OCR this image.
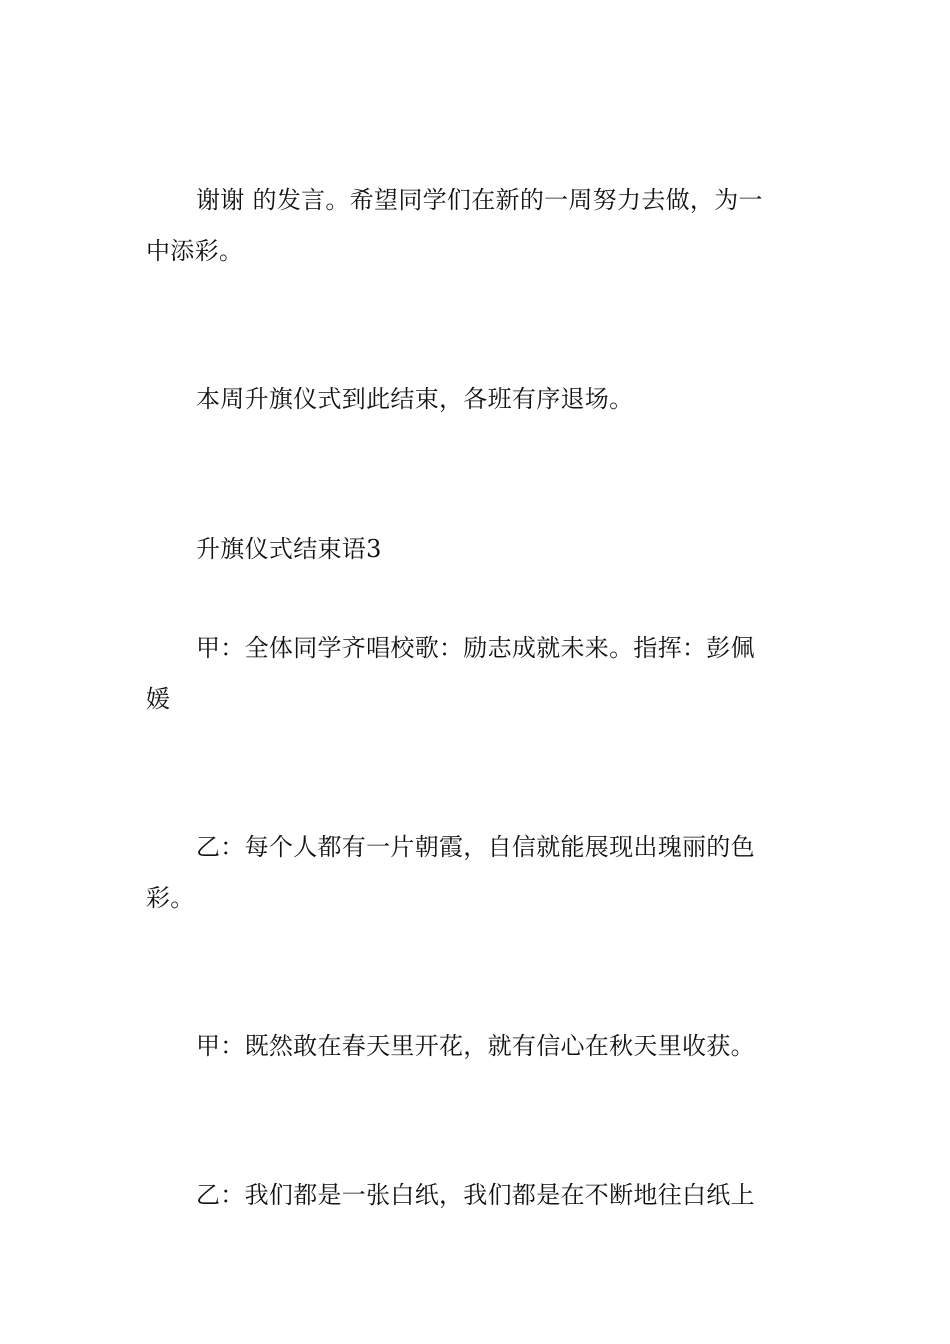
谢谢 的发言。希望同学们在新的一周努力去做，为一
中添彩。
本周升旗仪式到此结束，各班有序退场。
升旗仪式结束语3
甲：全体同学齐唱校歌：励志成就未来。指挥：彭佩
媛
乙：每个人都有一片朝霞，自信就能展现出瑰丽的色
彩。
甲：既然敢在春天里开花，就有信心在秋天里收获。
乙：我们都是一张白纸，我们都是在不断地往白纸上
